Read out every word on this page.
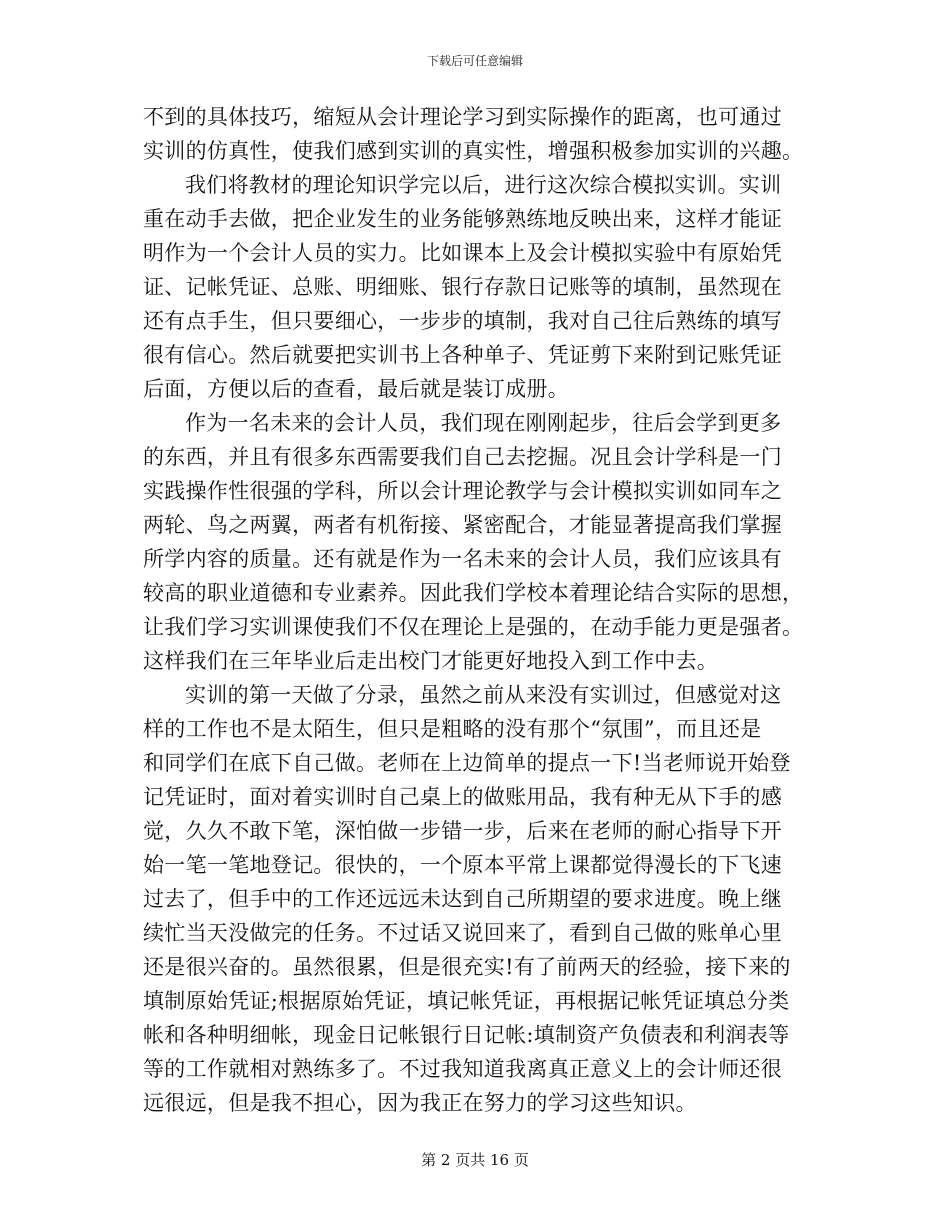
下载后可任意编辑
不到的具体技巧，缩短从会计理论学习到实际操作的距离，也可通过
实训的仿真性，使我们感到实训的真实性，增强积极参加实训的兴趣。
我们将教材的理论知识学完以后，进行这次综合模拟实训。实训
重在动手去做，把企业发生的业务能够熟练地反映出来，这样才能证
明作为一个会计人员的实力。比如课本上及会计模拟实验中有原始凭
证、记帐凭证、总账、明细账、银行存款日记账等的填制，虽然现在
还有点手生，但只要细心，一步步的填制，我对自己往后熟练的填写
很有信心。然后就要把实训书上各种单子、凭证剪下来附到记账凭证
后面，方便以后的查看，最后就是装订成册。
作为一名未来的会计人员，我们现在刚刚起步，往后会学到更多
的东西，并且有很多东西需要我们自己去挖掘。况且会计学科是一门
实践操作性很强的学科，所以会计理论教学与会计模拟实训如同车之
两轮、鸟之两翼，两者有机衔接、紧密配合，才能显著提高我们掌握
所学内容的质量。还有就是作为一名未来的会计人员，我们应该具有
较高的职业道德和专业素养。因此我们学校本着理论结合实际的思想，
让我们学习实训课使我们不仅在理论上是强的，在动手能力更是强者。
这样我们在三年毕业后走出校门才能更好地投入到工作中去。
实训的第一天做了分录，虽然之前从来没有实训过，但感觉对这
样的工作也不是太陌生，但只是粗略的没有那个“氛围”，而且还是
和同学们在底下自己做。老师在上边简单的提点一下!当老师说开始登
记凭证时，面对着实训时自己桌上的做账用品，我有种无从下手的感
觉，久久不敢下笔，深怕做一步错一步，后来在老师的耐心指导下开
始一笔一笔地登记。很快的，一个原本平常上课都觉得漫长的下飞速
过去了，但手中的工作还远远未达到自己所期望的要求进度。晚上继
续忙当天没做完的任务。不过话又说回来了，看到自己做的账单心里
还是很兴奋的。虽然很累，但是很充实!有了前两天的经验，接下来的
填制原始凭证;根据原始凭证，填记帐凭证，再根据记帐凭证填总分类
帐和各种明细帐，现金日记帐银行日记帐:填制资产负债表和利润表等
等的工作就相对熟练多了。不过我知道我离真正意义上的会计师还很
远很远，但是我不担心，因为我正在努力的学习这些知识。
第 2 页共 16 页
